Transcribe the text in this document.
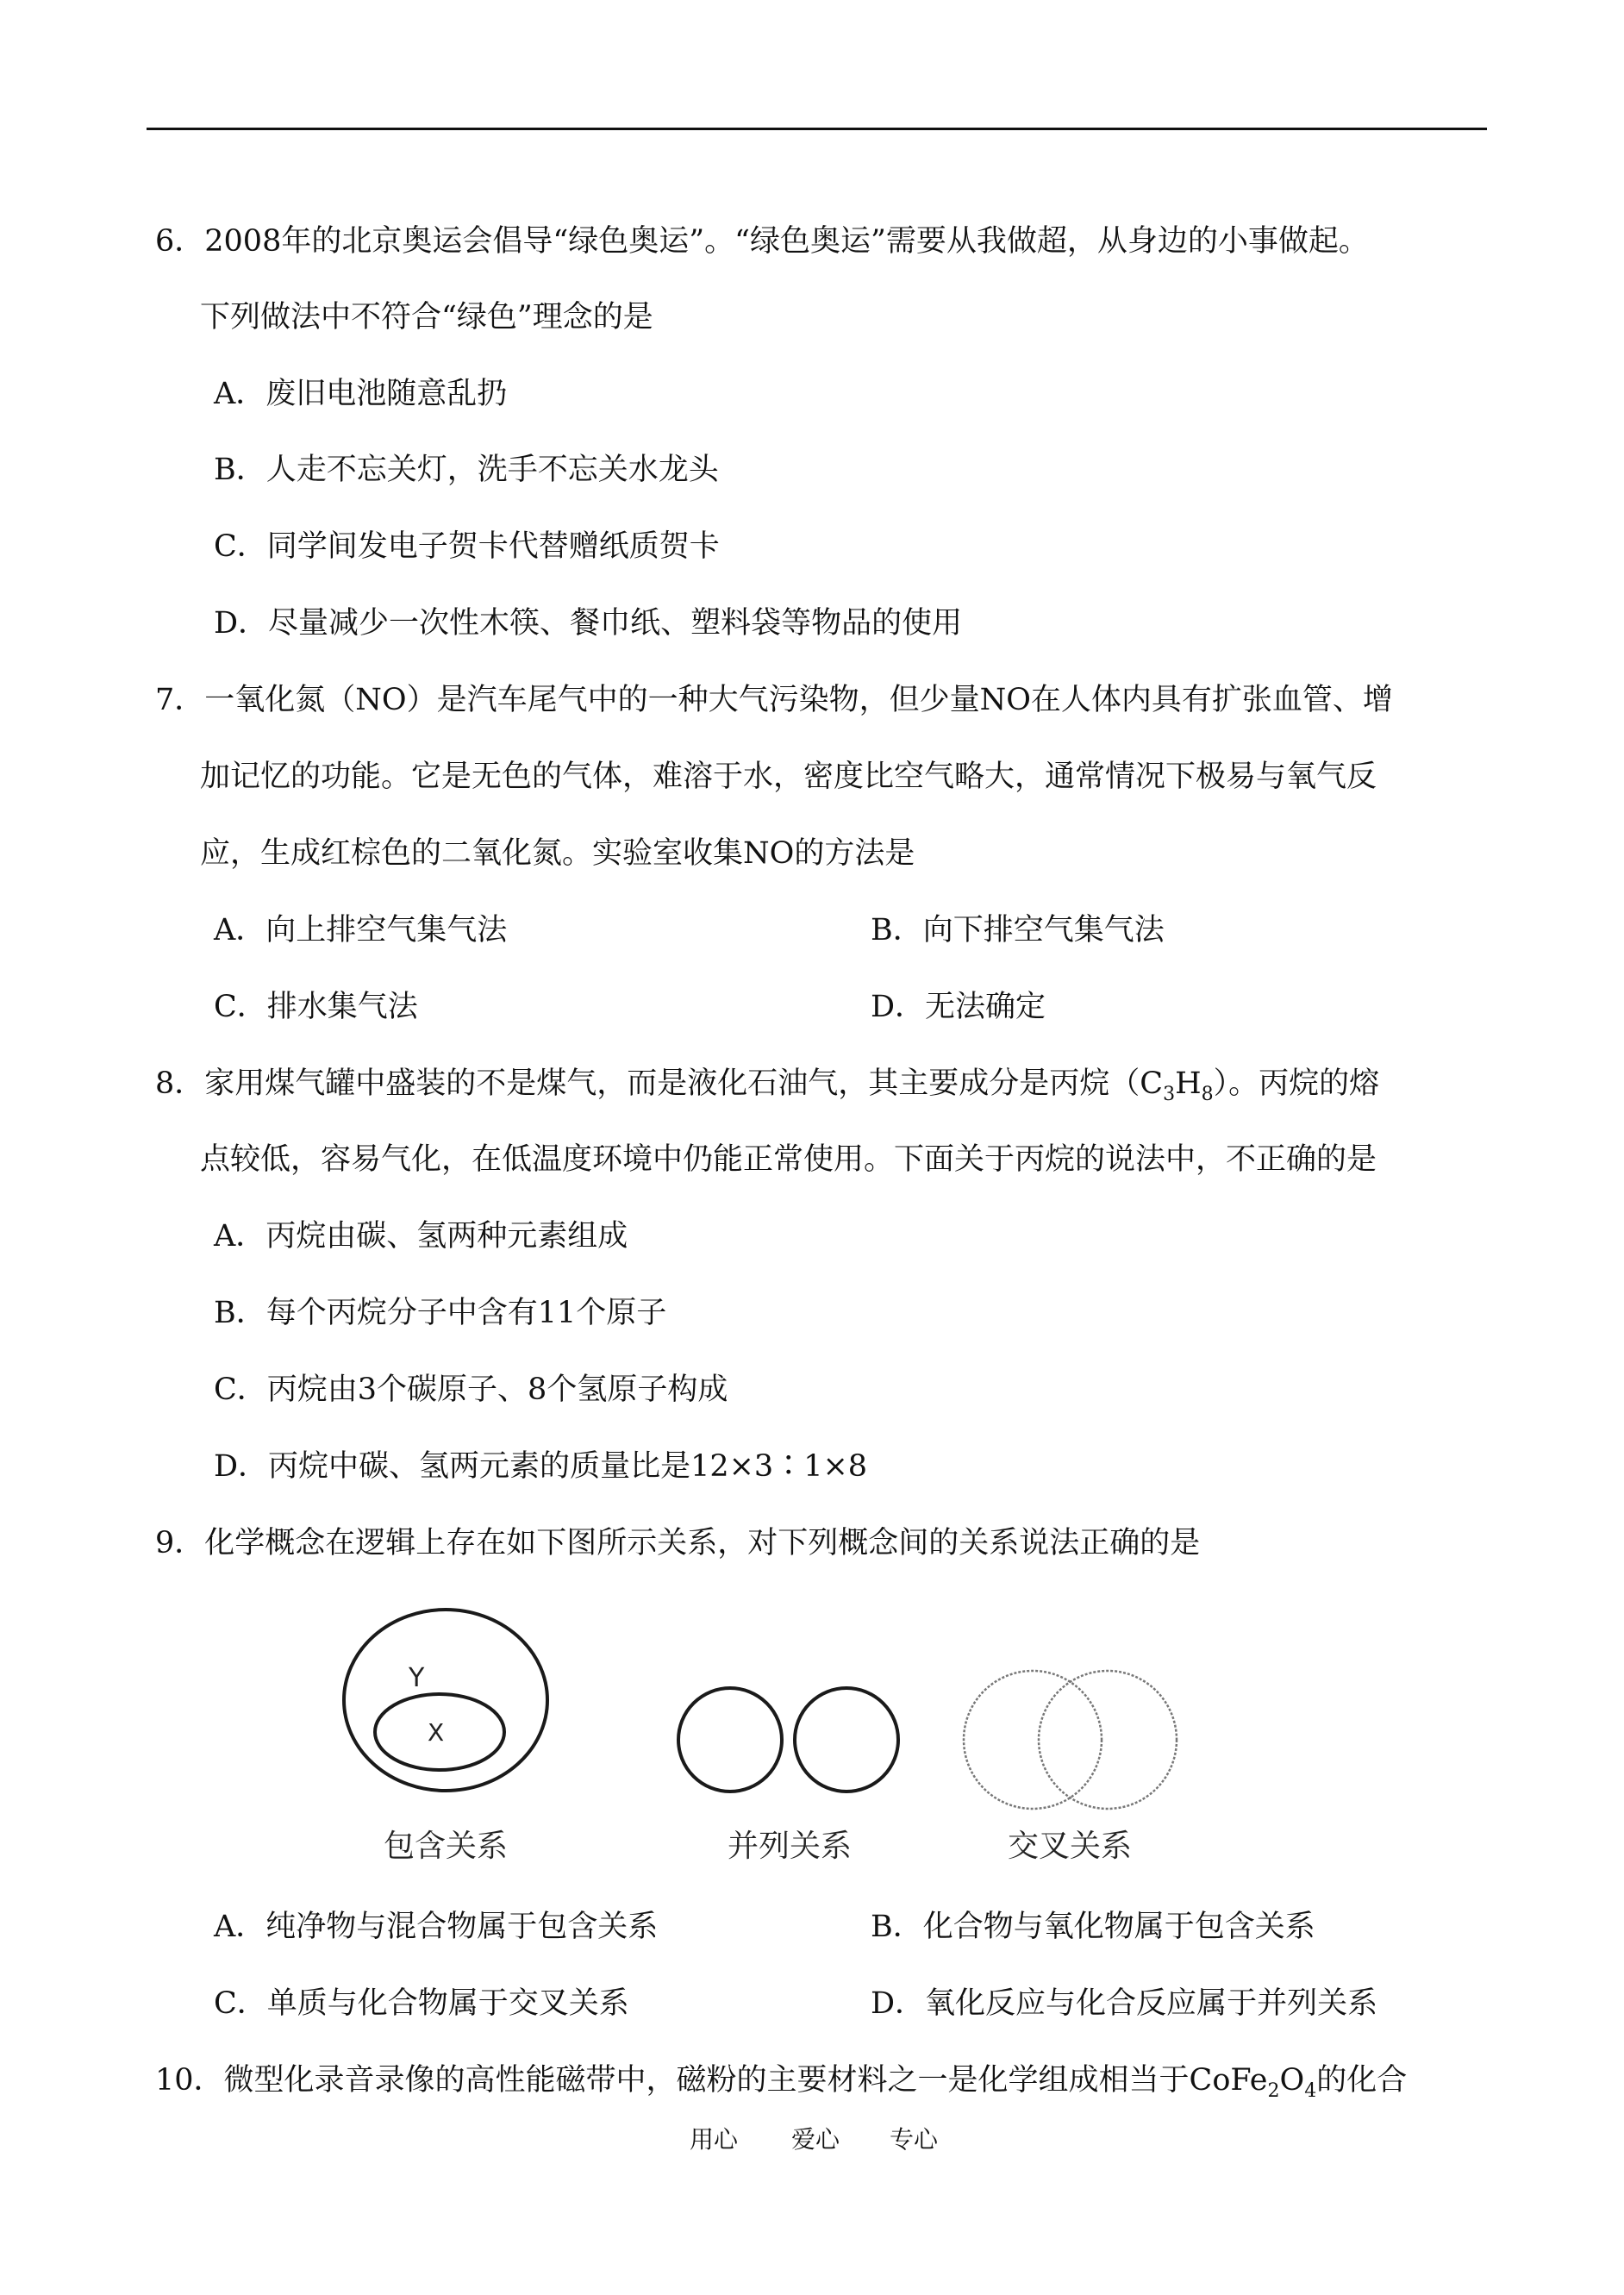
6．2008年的北京奥运会倡导“绿色奥运”。“绿色奥运”需要从我做超，从身边的小事做起。
下列做法中不符合“绿色”理念的是
A．废旧电池随意乱扔
B．人走不忘关灯，洗手不忘关水龙头
C．同学间发电子贺卡代替赠纸质贺卡
D．尽量减少一次性木筷、餐巾纸、塑料袋等物品的使用
7．一氧化氮（NO）是汽车尾气中的一种大气污染物，但少量NO在人体内具有扩张血管、增
加记忆的功能。它是无色的气体，难溶于水，密度比空气略大，通常情况下极易与氧气反
应，生成红棕色的二氧化氮。实验室收集NO的方法是
A．向上排空气集气法	B．向下排空气集气法
C．排水集气法	D．无法确定
8．家用煤气罐中盛装的不是煤气，而是液化石油气，其主要成分是丙烷$(C_3H_8)$。丙烷的熔
点较低，容易气化，在低温度环境中仍能正常使用。下面关于丙烷的说法中，不正确的是
A．丙烷由碳、氢两种元素组成
B．每个丙烷分子中含有11个原子
C．丙烷由3个碳原子、8个氢原子构成
D．丙烷中碳、氢两元素的质量比是12×3∶1×8
9．化学概念在逻辑上存在如下图所示关系，对下列概念间的关系说法正确的是
Y
X
包含关系	并列关系	交叉关系
A．纯净物与混合物属于包含关系	B．化合物与氧化物属于包含关系
C．单质与化合物属于交叉关系	D．氧化反应与化合反应属于并列关系
10．微型化录音录像的高性能磁带中，磁粉的主要材料之一是化学组成相当于$CoFe_2O_4$的化合
用心 爱心 专心
